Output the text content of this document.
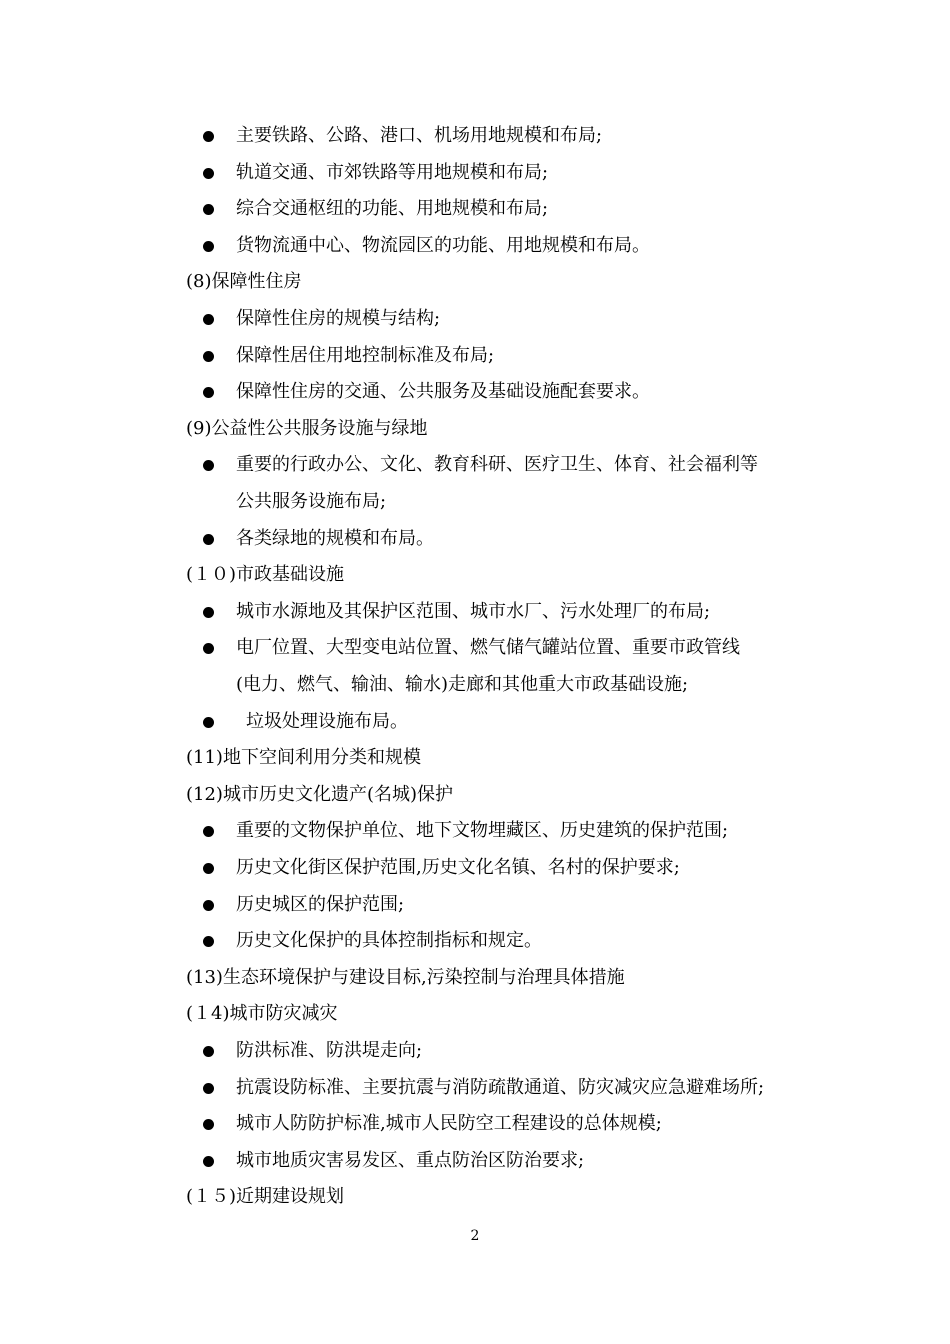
主要铁路、公路、港口、机场用地规模和布局;
轨道交通、市郊铁路等用地规模和布局;
综合交通枢纽的功能、用地规模和布局;
货物流通中心、物流园区的功能、用地规模和布局。
(8)保障性住房
保障性住房的规模与结构;
保障性居住用地控制标准及布局;
保障性住房的交通、公共服务及基础设施配套要求。
(9)公益性公共服务设施与绿地
重要的行政办公、文化、教育科研、医疗卫生、体育、社会福利等
公共服务设施布局;
各类绿地的规模和布局。
(１０)市政基础设施
城市水源地及其保护区范围、城市水厂、污水处理厂的布局;
电厂位置、大型变电站位置、燃气储气罐站位置、重要市政管线
(电力、燃气、输油、输水)走廊和其他重大市政基础设施;
垃圾处理设施布局。
(11)地下空间利用分类和规模
(12)城市历史文化遗产(名城)保护
重要的文物保护单位、地下文物埋藏区、历史建筑的保护范围;
历史文化街区保护范围,历史文化名镇、名村的保护要求;
历史城区的保护范围;
历史文化保护的具体控制指标和规定。
(13)生态环境保护与建设目标,污染控制与治理具体措施
(１4)城市防灾减灾
防洪标准、防洪堤走向;
抗震设防标准、主要抗震与消防疏散通道、防灾减灾应急避难场所;
城市人防防护标准,城市人民防空工程建设的总体规模;
城市地质灾害易发区、重点防治区防治要求;
(１５)近期建设规划
2
